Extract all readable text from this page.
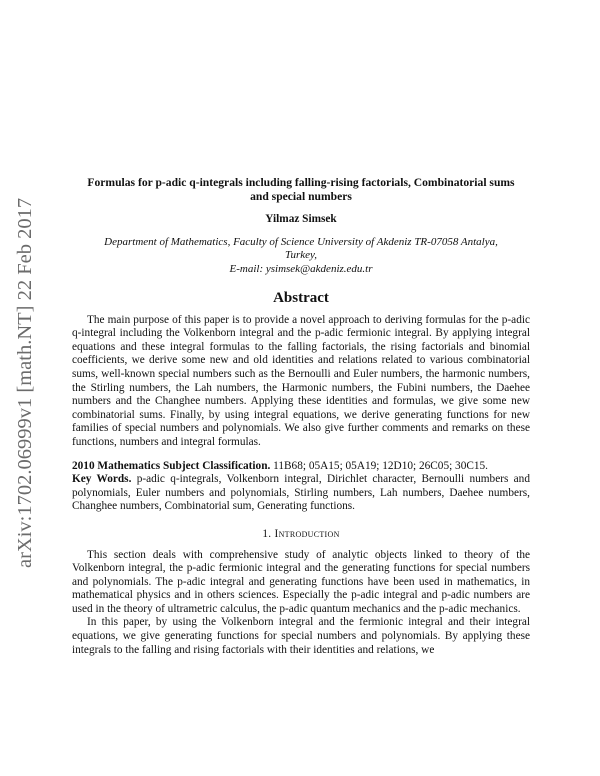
arXiv:1702.06999v1 [math.NT] 22 Feb 2017
Formulas for p-adic q-integrals including falling-rising factorials, Combinatorial sums and special numbers
Yilmaz Simsek
Department of Mathematics, Faculty of Science University of Akdeniz TR-07058 Antalya,
Turkey,
E-mail: ysimsek@akdeniz.edu.tr
Abstract
The main purpose of this paper is to provide a novel approach to deriving formulas for the p-adic q-integral including the Volkenborn integral and the p-adic fermionic integral. By applying integral equations and these integral formulas to the falling factorials, the rising factorials and binomial coefficients, we derive some new and old identities and relations related to various combinatorial sums, well-known special numbers such as the Bernoulli and Euler numbers, the harmonic numbers, the Stirling numbers, the Lah numbers, the Harmonic numbers, the Fubini numbers, the Daehee numbers and the Changhee numbers. Applying these identities and formulas, we give some new combinatorial sums. Finally, by using integral equations, we derive generating functions for new families of special numbers and polynomials. We also give further comments and remarks on these functions, numbers and integral formulas.
2010 Mathematics Subject Classification. 11B68; 05A15; 05A19; 12D10; 26C05; 30C15.
Key Words. p-adic q-integrals, Volkenborn integral, Dirichlet character, Bernoulli numbers and polynomials, Euler numbers and polynomials, Stirling numbers, Lah numbers, Daehee numbers, Changhee numbers, Combinatorial sum, Generating functions.
1. Introduction

This section deals with comprehensive study of analytic objects linked to theory of the Volkenborn integral, the p-adic fermionic integral and the generating functions for special numbers and polynomials. The p-adic integral and generating functions have been used in mathematics, in mathematical physics and in others sciences. Especially the p-adic integral and p-adic numbers are used in the theory of ultrametric calculus, the p-adic quantum mechanics and the p-adic mechanics.

In this paper, by using the Volkenborn integral and the fermionic integral and their integral equations, we give generating functions for special numbers and polynomials. By applying these integrals to the falling and rising factorials with their identities and relations, we
